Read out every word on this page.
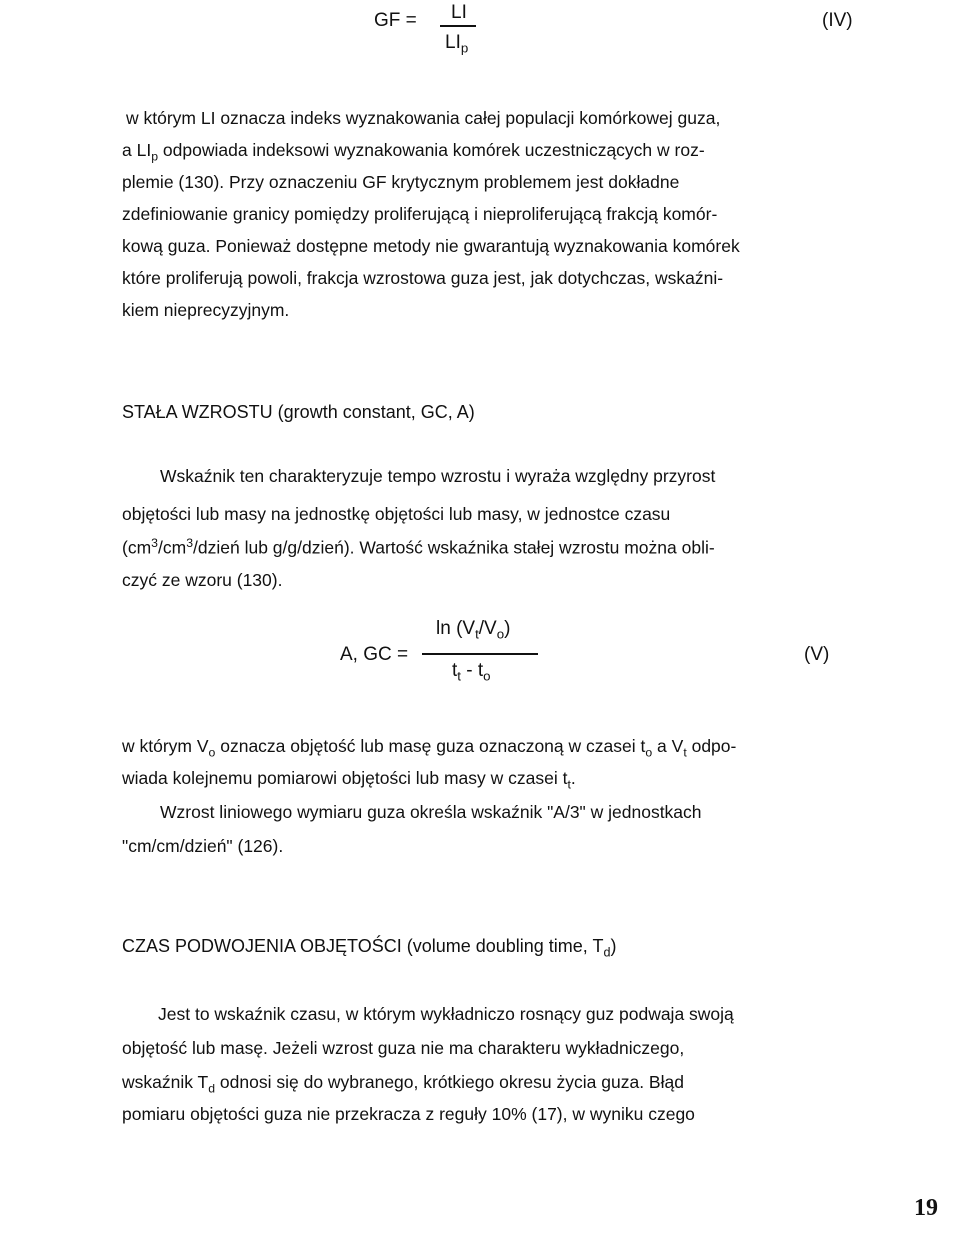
GF = LI
$LI_p$
(IV)
w którym LI oznacza indeks wyznakowania całej populacji komórkowej guza,
a $LI_p$ odpowiada indeksowi wyznakowania komórek uczestniczących w roz-
plemie (130). Przy oznaczeniu GF krytycznym problemem jest dokładne
zdefiniowanie granicy pomiędzy proliferującą i nieproliferującą frakcją komór-
kową guza. Ponieważ dostępne metody nie gwarantują wyznakowania komórek
które proliferują powoli, frakcja wzrostowa guza jest, jak dotychczas, wskaźni-
kiem nieprecyzyjnym.
STAŁA WZROSTU (growth constant, GC, A)
Wskaźnik ten charakteryzuje tempo wzrostu i wyraża względny przyrost
objętości lub masy na jednostkę objętości lub masy, w jednostce czasu
($cm^3/cm^3$/dzień lub g/g/dzień). Wartość wskaźnika stałej wzrostu można obli-
czyć ze wzoru (130).
A, GC =
$\ln (V_t/V_o)$
$t_t - t_o$
(V)
w którym $V_o$ oznacza objętość lub masę guza oznaczoną w czasei $t_o$ a $V_t$ odpo-
wiada kolejnemu pomiarowi objętości lub masy w czasei $t_t$.
Wzrost liniowego wymiaru guza określa wskaźnik "A/3" w jednostkach
"cm/cm/dzień" (126).
CZAS PODWOJENIA OBJĘTOŚCI (volume doubling time, $T_d$)
Jest to wskaźnik czasu, w którym wykładniczo rosnący guz podwaja swoją
objętość lub masę. Jeżeli wzrost guza nie ma charakteru wykładniczego,
wskaźnik $T_d$ odnosi się do wybranego, krótkiego okresu życia guza. Błąd
pomiaru objętości guza nie przekracza z reguły 10% (17), w wyniku czego
19
